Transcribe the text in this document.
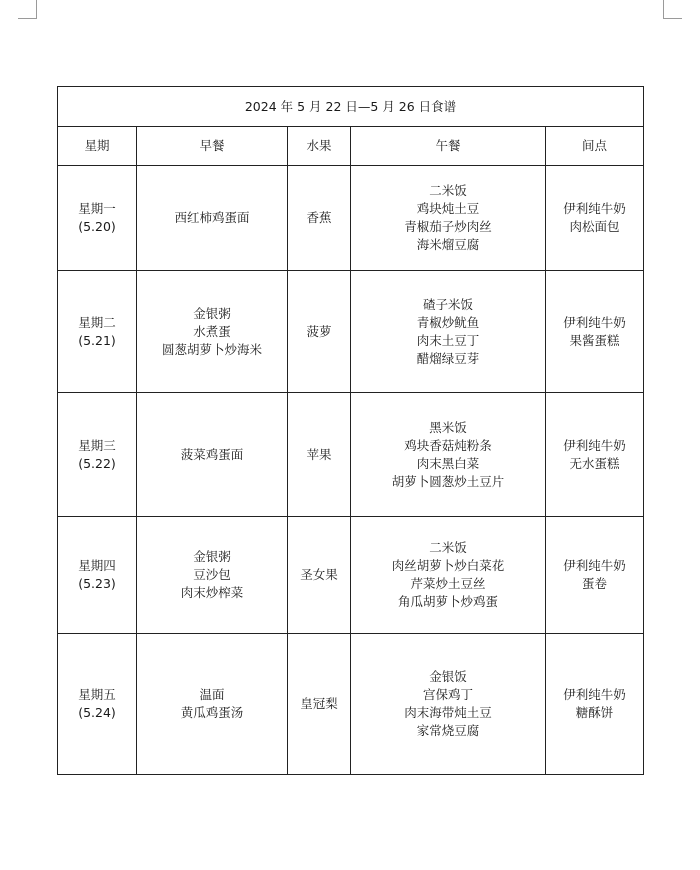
2024 年 5 月 22 日—5 月 26 日食谱				
星期	早餐	水果	午餐	间点

星期一
(5.20)	西红柿鸡蛋面	香蕉	二米饭
鸡块炖土豆
青椒茄子炒肉丝
海米熘豆腐	伊利纯牛奶
肉松面包

星期二
(5.21)	金银粥
水煮蛋
圆葱胡萝卜炒海米	菠萝	碴子米饭
青椒炒鱿鱼
肉末土豆丁
醋熘绿豆芽	伊利纯牛奶
果酱蛋糕

星期三
(5.22)	菠菜鸡蛋面	苹果	黑米饭
鸡块香菇炖粉条
肉末黑白菜
胡萝卜圆葱炒土豆片	伊利纯牛奶
无水蛋糕

星期四
(5.23)	金银粥
豆沙包
肉末炒榨菜	圣女果	二米饭
肉丝胡萝卜炒白菜花
芹菜炒土豆丝
角瓜胡萝卜炒鸡蛋	伊利纯牛奶
蛋卷

星期五
(5.24)	温面
黄瓜鸡蛋汤	皇冠梨	金银饭
宫保鸡丁
肉末海带炖土豆
家常烧豆腐	伊利纯牛奶
糖酥饼
